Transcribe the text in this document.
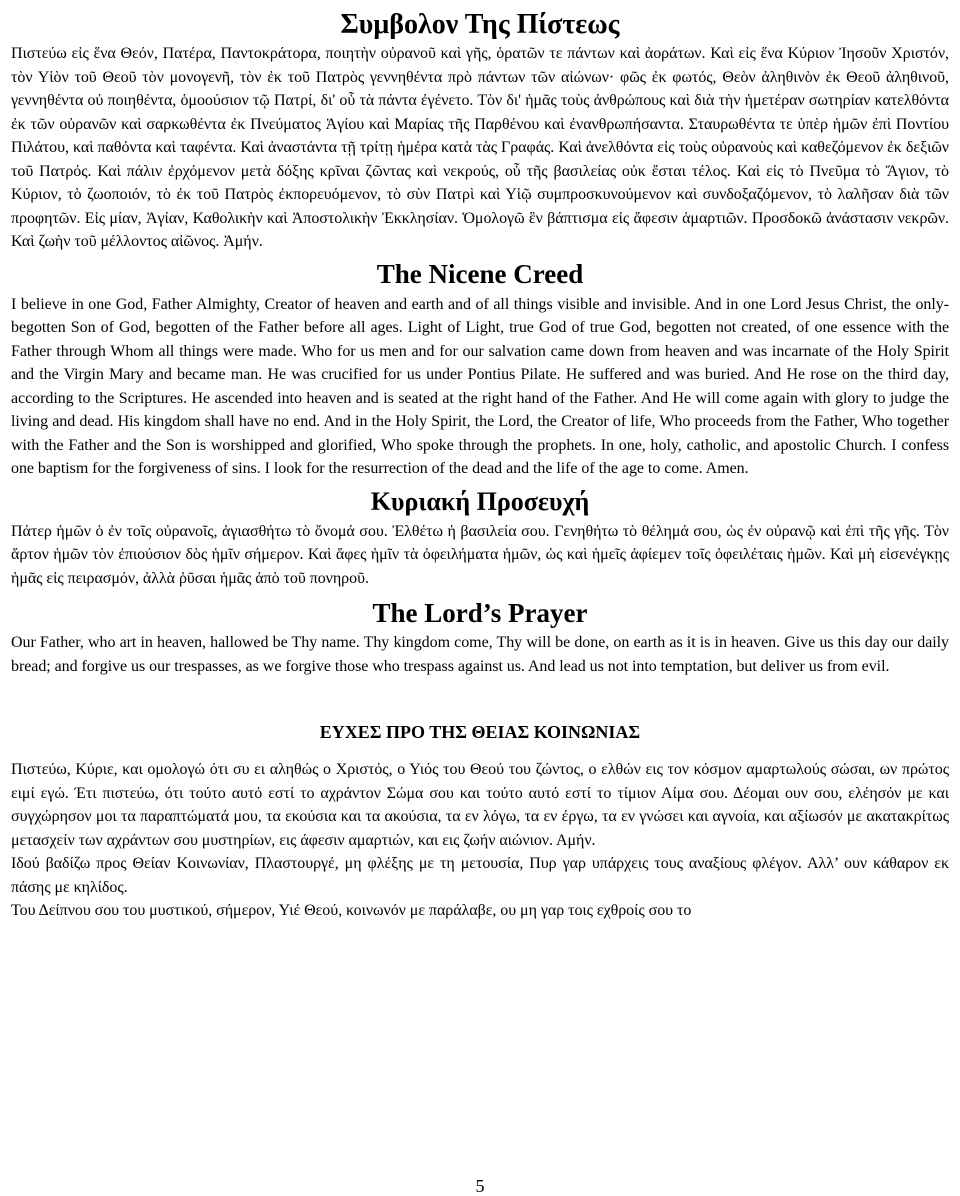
Συμβολον Της Πίστεως

Πιστεύω εἰς ἕνα Θεόν, Πατέρα, Παντοκράτορα, ποιητὴν οὐρανοῦ καὶ γῆς, ὁρατῶν τε πάντων καὶ ἀοράτων. Καὶ εἰς ἕνα Κύριον Ἰησοῦν Χριστόν, τὸν Υἱὸν τοῦ Θεοῦ τὸν μονογενῆ, τὸν ἐκ τοῦ Πατρὸς γεννηθέντα πρὸ πάντων τῶν αἰώνων· φῶς ἐκ φωτός, Θεὸν ἀληθινὸν ἐκ Θεοῦ ἀληθινοῦ, γεννηθέντα οὐ ποιηθέντα, ὁμοούσιον τῷ Πατρί, δι' οὗ τὰ πάντα ἐγένετο. Τὸν δι' ἡμᾶς τοὺς ἀνθρώπους καὶ διὰ τὴν ἡμετέραν σωτηρίαν κατελθόντα ἐκ τῶν οὐρανῶν καὶ σαρκωθέντα ἐκ Πνεύματος Ἁγίου καὶ Μαρίας τῆς Παρθένου καὶ ἐνανθρωπήσαντα. Σταυρωθέντα τε ὑπὲρ ἡμῶν ἐπὶ Ποντίου Πιλάτου, καὶ παθόντα καὶ ταφέντα. Καὶ ἀναστάντα τῇ τρίτῃ ἡμέρα κατὰ τὰς Γραφάς. Καὶ ἀνελθόντα εἰς τοὺς οὐρανοὺς καὶ καθεζόμενον ἐκ δεξιῶν τοῦ Πατρός. Καὶ πάλιν ἐρχόμενον μετὰ δόξης κρῖναι ζῶντας καὶ νεκρούς, οὗ τῆς βασιλείας οὐκ ἔσται τέλος. Καὶ εἰς τὸ Πνεῦμα τὸ Ἅγιον, τὸ Κύριον, τὸ ζωοποιόν, τὸ ἐκ τοῦ Πατρὸς ἐκπορευόμενον, τὸ σὺν Πατρὶ καὶ Υἱῷ συμπροσκυνούμενον καὶ συνδοξαζόμενον, τὸ λαλῆσαν διὰ τῶν προφητῶν. Εἰς μίαν, Ἁγίαν, Καθολικὴν καὶ Ἀποστολικὴν Ἐκκλησίαν. Ὁμολογῶ ἓν βάπτισμα εἰς ἄφεσιν ἁμαρτιῶν. Προσδοκῶ ἀνάστασιν νεκρῶν. Καὶ ζωὴν τοῦ μέλλοντος αἰῶνος. Ἀμήν.

The Nicene Creed

I believe in one God, Father Almighty, Creator of heaven and earth and of all things visible and invisible. And in one Lord Jesus Christ, the only-begotten Son of God, begotten of the Father before all ages. Light of Light, true God of true God, begotten not created, of one essence with the Father through Whom all things were made. Who for us men and for our salvation came down from heaven and was incarnate of the Holy Spirit and the Virgin Mary and became man. He was crucified for us under Pontius Pilate. He suffered and was buried. And He rose on the third day, according to the Scriptures. He ascended into heaven and is seated at the right hand of the Father. And He will come again with glory to judge the living and dead. His kingdom shall have no end. And in the Holy Spirit, the Lord, the Creator of life, Who proceeds from the Father, Who together with the Father and the Son is worshipped and glorified, Who spoke through the prophets. In one, holy, catholic, and apostolic Church. I confess one baptism for the forgiveness of sins. I look for the resurrection of the dead and the life of the age to come. Amen.

Κυριακή Προσευχή

Πάτερ ἡμῶν ὁ ἐν τοῖς οὐρανοῖς, ἁγιασθήτω τὸ ὄνομά σου. Ἐλθέτω ἡ βασιλεία σου. Γενηθήτω τὸ θέλημά σου, ὡς ἐν οὐρανῷ καὶ ἐπὶ τῆς γῆς. Τὸν ἄρτον ἡμῶν τὸν ἐπιούσιον δὸς ἡμῖν σήμερον. Καὶ ἄφες ἡμῖν τὰ ὀφειλήματα ἡμῶν, ὡς καὶ ἡμεῖς ἀφίεμεν τοῖς ὀφειλέταις ἡμῶν. Καὶ μὴ εἰσενέγκῃς ἡμᾶς εἰς πειρασμόν, ἀλλὰ ῥῦσαι ἡμᾶς ἀπὸ τοῦ πονηροῦ.

The Lord’s Prayer

Our Father, who art in heaven, hallowed be Thy name. Thy kingdom come, Thy will be done, on earth as it is in heaven. Give us this day our daily bread; and forgive us our trespasses, as we forgive those who trespass against us. And lead us not into temptation, but deliver us from evil.

ΕΥΧΕΣ ΠΡΟ ΤΗΣ ΘΕΙΑΣ ΚΟΙΝΩΝΙΑΣ

Πιστεύω, Κύριε, και ομολογώ ότι συ ει αληθώς ο Χριστός, ο Υιός του Θεού του ζώντος, ο ελθών εις τον κόσμον αμαρτωλούς σώσαι, ων πρώτος ειμί εγώ. Έτι πιστεύω, ότι τούτο αυτό εστί το αχράντον Σώμα σου και τούτο αυτό εστί το τίμιον Αίμα σου. Δέομαι ουν σου, ελέησόν με και συγχώρησον μοι τα παραπτώματά μου, τα εκούσια και τα ακούσια, τα εν λόγω, τα εν έργω, τα εν γνώσει και αγνοία, και αξίωσόν με ακατακρίτως μετασχείν των αχράντων σου μυστηρίων, εις άφεσιν αμαρτιών, και εις ζωήν αιώνιον. Αμήν.

Ιδού βαδίζω προς Θείαν Κοινωνίαν, Πλαστουργέ, μη φλέξης με τη μετουσία, Πυρ γαρ υπάρχεις τους αναξίους φλέγον. Αλλ’ ουν κάθαρον εκ πάσης με κηλίδος.

Του Δείπνου σου του μυστικού, σήμερον, Υιέ Θεού, κοινωνόν με παράλαβε, ου μη γαρ τοις εχθροίς σου το

5
